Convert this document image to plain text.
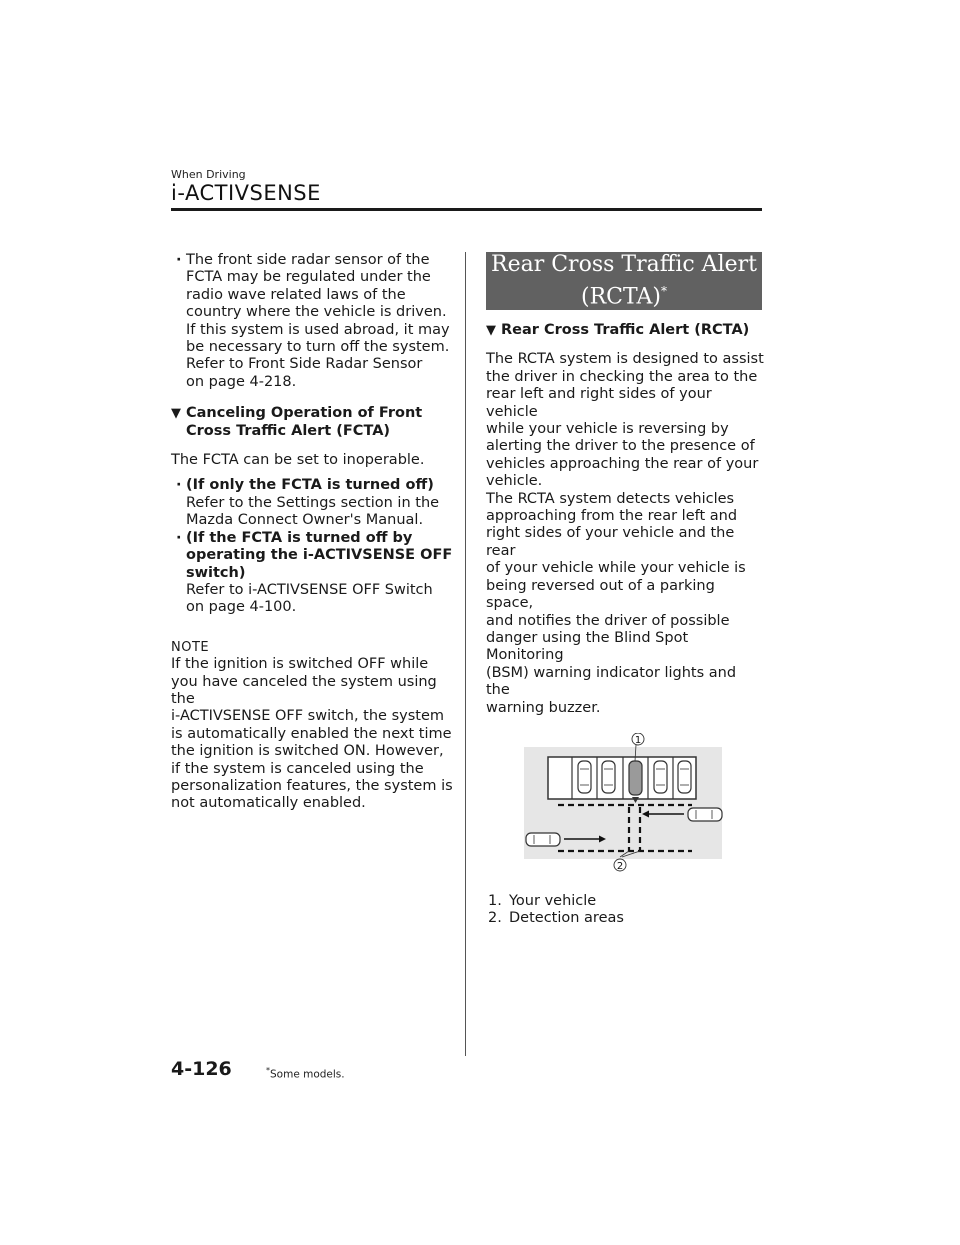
When Driving
i-ACTIVSENSE
· The front side radar sensor of the
FCTA may be regulated under the
radio wave related laws of the
country where the vehicle is driven.
If this system is used abroad, it may
be necessary to turn off the system.
Refer to Front Side Radar Sensor
on page 4-218.
▼ Canceling Operation of Front
Cross Traffic Alert (FCTA)

The FCTA can be set to inoperable.

· (If only the FCTA is turned off)
Refer to the Settings section in the
Mazda Connect Owner's Manual.
· (If the FCTA is turned off by
operating the i-ACTIVSENSE OFF
switch)
Refer to i-ACTIVSENSE OFF Switch
on page 4-100.
NOTE
If the ignition is switched OFF while
you have canceled the system using the
i-ACTIVSENSE OFF switch, the system
is automatically enabled the next time
the ignition is switched ON. However,
if the system is canceled using the
personalization features, the system is
not automatically enabled.
Rear Cross Traffic Alert
(RCTA)*
▼ Rear Cross Traffic Alert (RCTA)
The RCTA system is designed to assist
the driver in checking the area to the
rear left and right sides of your vehicle
while your vehicle is reversing by
alerting the driver to the presence of
vehicles approaching the rear of your
vehicle.
The RCTA system detects vehicles
approaching from the rear left and
right sides of your vehicle and the rear
of your vehicle while your vehicle is
being reversed out of a parking space,
and notifies the driver of possible
danger using the Blind Spot Monitoring
(BSM) warning indicator lights and the
warning buzzer.
1
2
1. Your vehicle
2. Detection areas
4-126	*Some models.
